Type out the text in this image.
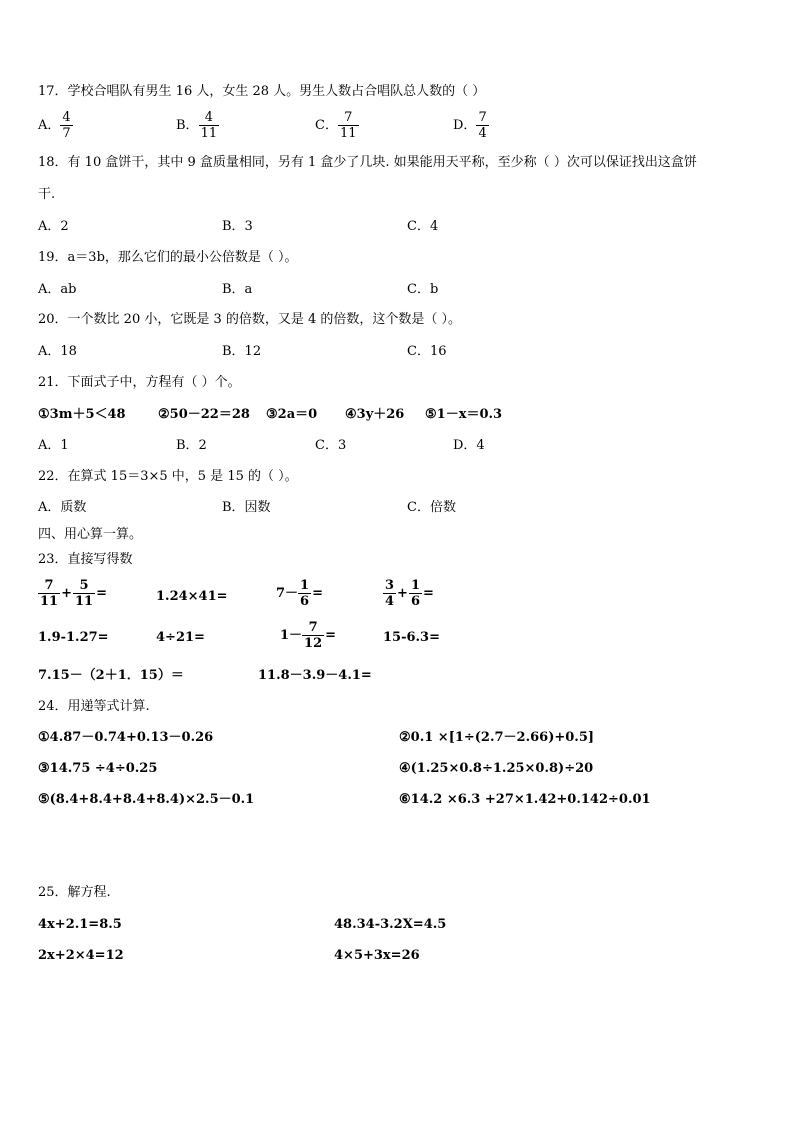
17．学校合唱队有男生 16 人，女生 28 人。男生人数占合唱队总人数的（ ）
A． $\frac{4}{7}$	B． $\frac{4}{11}$	C． $\frac{7}{11}$	D． $\frac{7}{4}$
18．有 10 盒饼干，其中 9 盒质量相同，另有 1 盒少了几块. 如果能用天平称，至少称（ ）次可以保证找出这盒饼
干.
A．2	B．3	C．4
19．a＝3b，那么它们的最小公倍数是（ ）。
A．ab	B．a	C．b
20．一个数比 20 小，它既是 3 的倍数，又是 4 的倍数，这个数是（ ）。
A．18	B．12	C．16
21．下面式子中，方程有（ ）个。
①3m＋5＜48 ②50－22＝28 ③2a＝0 ④3y＋26 ⑤1－x＝0.3
A．1	B．2	C．3	D．4
22．在算式 15＝3×5 中，5 是 15 的（ ）。
A．质数	B．因数	C．倍数
四、用心算一算。
23．直接写得数
$\frac{7}{11} + \frac{5}{11}$ =	1.24×41=	$7- \frac{1}{6}$ =	$\frac{3}{4} + \frac{1}{6}$ =
1.9-1.27=	4÷21=	$1- \frac{7}{12}$ =	15-6.3=
7.15－（2＋1．15）＝	11.8－3.9－4.1=
24．用递等式计算.
①4.87－0.74+0.13－0.26	②0.1 ×[1÷(2.7－2.66)+0.5]
③14.75 ÷4÷0.25	④(1.25×0.8÷1.25×0.8)÷20
⑤(8.4+8.4+8.4+8.4)×2.5－0.1	⑥14.2 ×6.3 +27×1.42+0.142÷0.01
25．解方程.
4x+2.1=8.5	48.34-3.2X=4.5
2x+2×4=12	4×5+3x=26
